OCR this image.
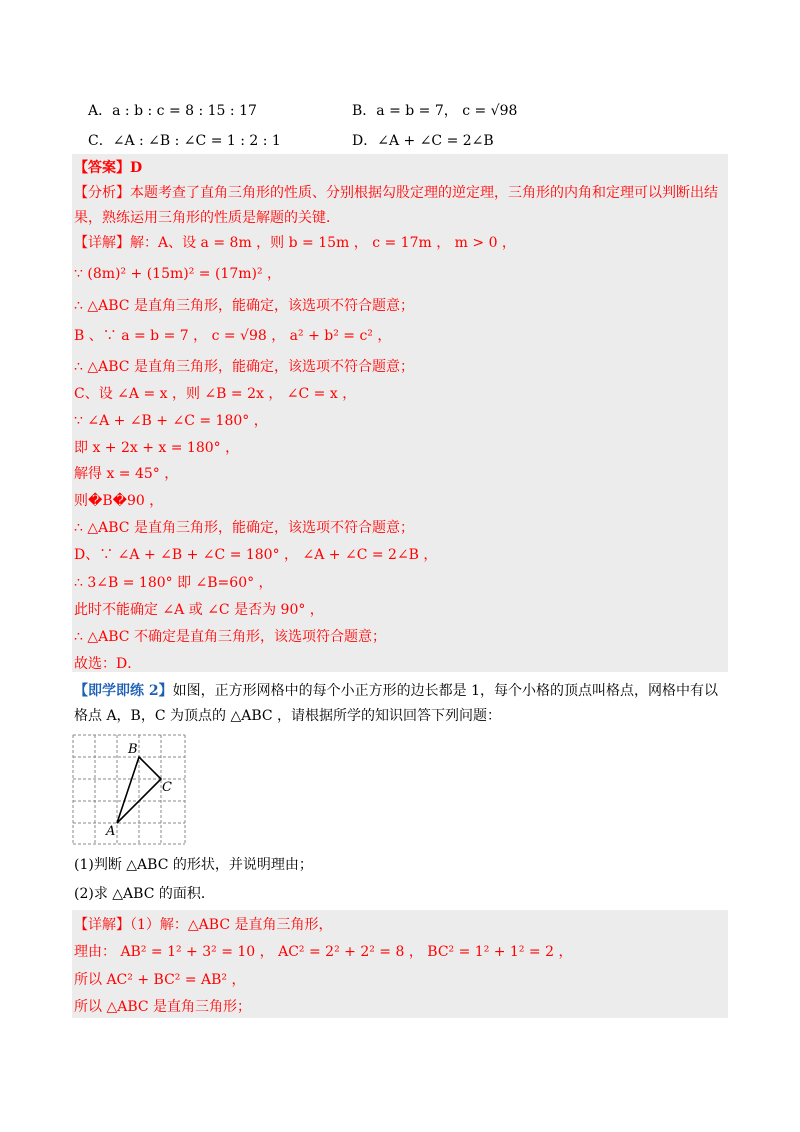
A．a : b : c = 8 : 15 : 17	B．a = b = 7， c = √98
C．∠A : ∠B : ∠C = 1 : 2 : 1	D．∠A + ∠C = 2∠B
【答案】D
【分析】本题考查了直角三角形的性质、分别根据勾股定理的逆定理，三角形的内角和定理可以判断出结
果，熟练运用三角形的性质是解题的关键．
【详解】解：A、设 a = 8m ，则 b = 15m ， c = 17m ， m > 0 ，
∵ (8m)² + (15m)² = (17m)² ，
∴ △ABC 是直角三角形，能确定，该选项不符合题意；
B 、∵ a = b = 7 ， c = √98 ， a² + b² = c² ，
∴ △ABC 是直角三角形，能确定，该选项不符合题意；
C、设 ∠A = x ，则 ∠B = 2x ， ∠C = x ，
∵ ∠A + ∠B + ∠C = 180° ，
即 x + 2x + x = 180° ，
解得 x = 45° ，
则�B�90 ，
∴ △ABC 是直角三角形，能确定，该选项不符合题意；
D、∵ ∠A + ∠B + ∠C = 180° ， ∠A + ∠C = 2∠B ，
∴ 3∠B = 180° 即 ∠B=60° ，
此时不能确定 ∠A 或 ∠C 是否为 90° ，
∴ △ABC 不确定是直角三角形，该选项符合题意；
故选：D．
【即学即练 2】如图，正方形网格中的每个小正方形的边长都是 1，每个小格的顶点叫格点，网格中有以
格点 A，B，C 为顶点的 △ABC ，请根据所学的知识回答下列问题：
A
B
C
(1)判断 △ABC 的形状，并说明理由；
(2)求 △ABC 的面积．
【详解】（1）解：△ABC 是直角三角形，
理由： AB² = 1² + 3² = 10 ， AC² = 2² + 2² = 8 ， BC² = 1² + 1² = 2 ，
所以 AC² + BC² = AB² ，
所以 △ABC 是直角三角形；
